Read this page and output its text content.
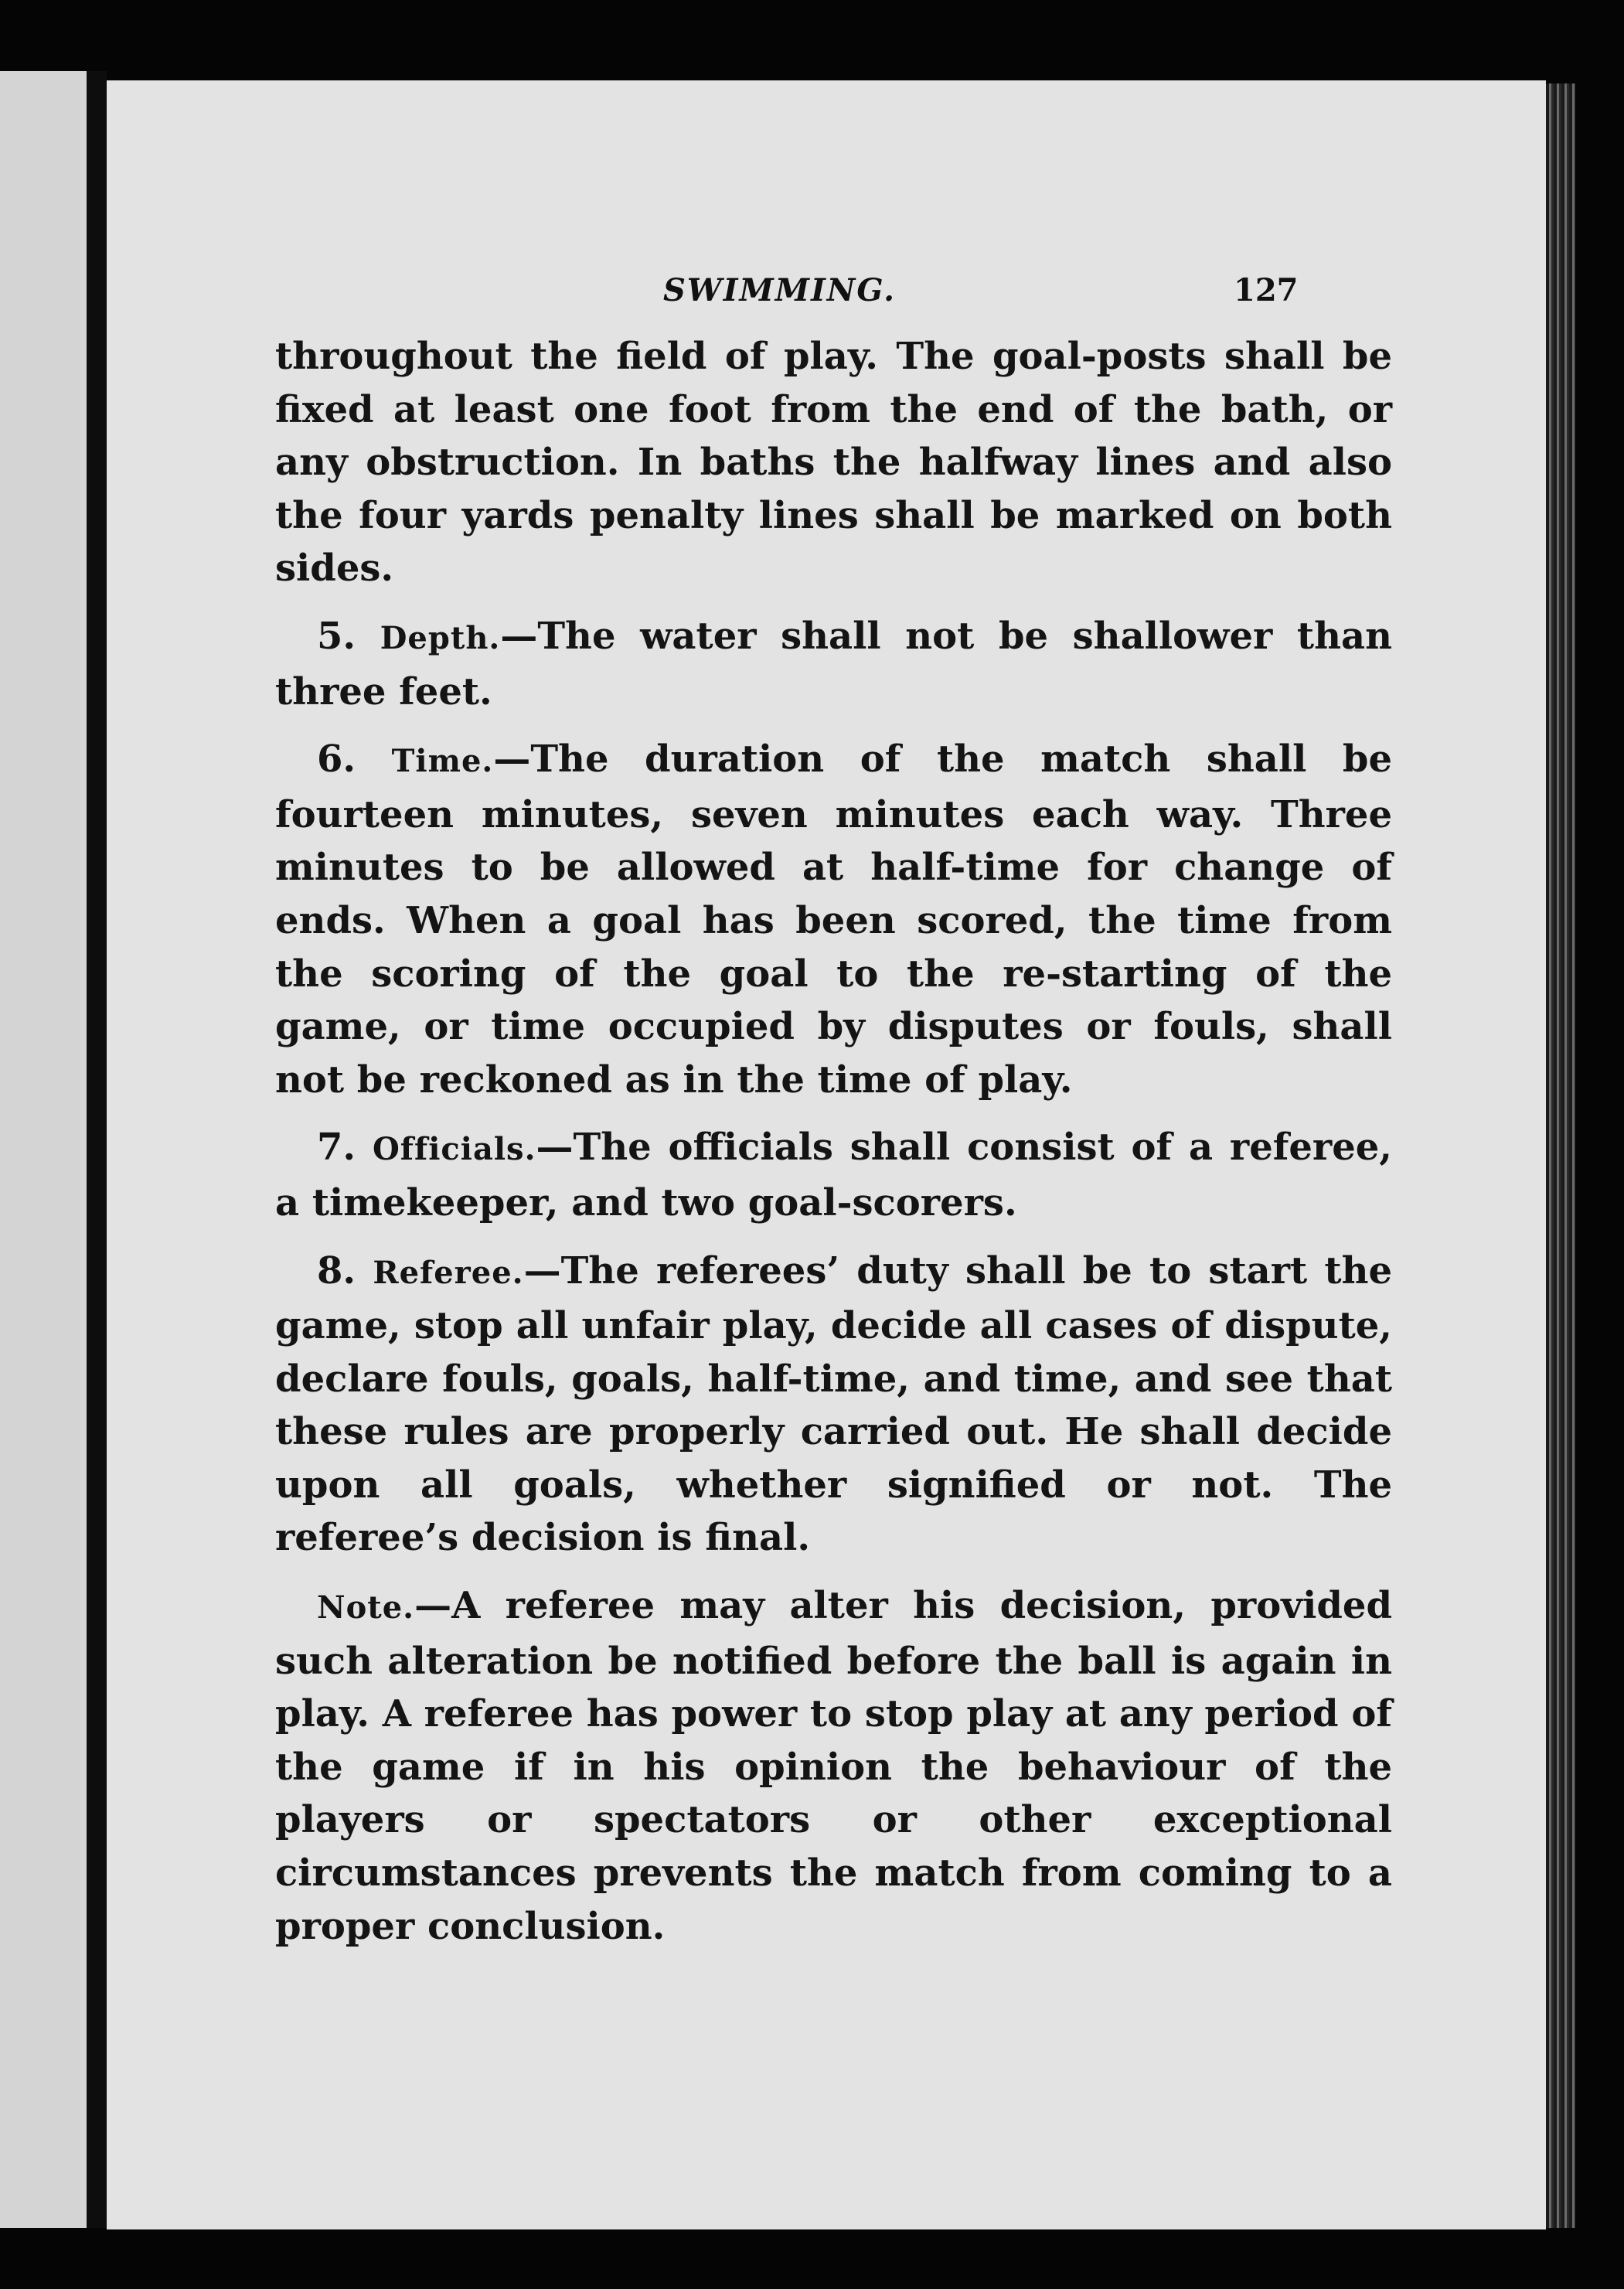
SWIMMING.	127

throughout the field of play. The goal-posts shall be fixed at least one foot from the end of the bath, or any obstruction. In baths the halfway lines and also the four yards penalty lines shall be marked on both sides.

5. Depth.—The water shall not be shallower than three feet.

6. Time.—The duration of the match shall be fourteen minutes, seven minutes each way. Three minutes to be allowed at half-time for change of ends. When a goal has been scored, the time from the scoring of the goal to the re-starting of the game, or time occupied by disputes or fouls, shall not be reckoned as in the time of play.

7. Officials.—The officials shall consist of a referee, a timekeeper, and two goal-scorers.

8. Referee.—The referees’ duty shall be to start the game, stop all unfair play, decide all cases of dispute, declare fouls, goals, half-time, and time, and see that these rules are properly carried out. He shall decide upon all goals, whether signified or not. The referee’s decision is final.

Note.—A referee may alter his decision, provided such alteration be notified before the ball is again in play. A referee has power to stop play at any period of the game if in his opinion the behaviour of the players or spectators or other exceptional circumstances prevents the match from coming to a proper conclusion.
